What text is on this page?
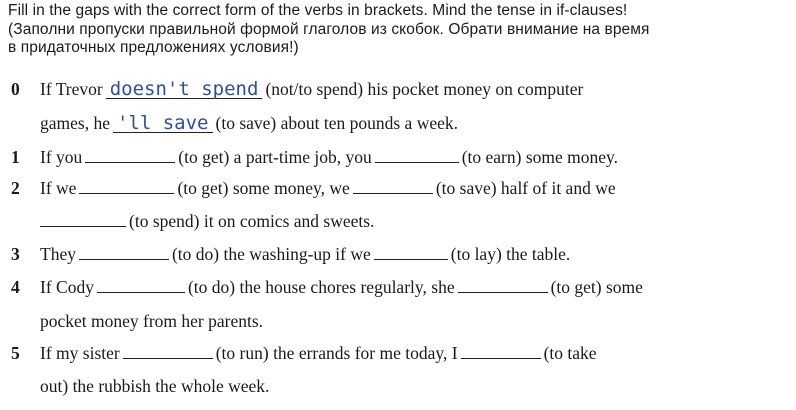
Fill in the gaps with the correct form of the verbs in brackets. Mind the tense in if-clauses!
(Заполни пропуски правильной формой глаголов из скобок. Обрати внимание на время
в придаточных предложениях условия!)
0 If Trevor doesn't spend (not/to spend) his pocket money on computer
games, he 'll save (to save) about ten pounds a week.
1 If you	(to get) a part-time job, you	(to earn) some money.
2 If we	(to get) some money, we	(to save) half of it and we
(to spend) it on comics and sweets.
3 They	(to do) the washing-up if we	(to lay) the table.
4 If Cody	(to do) the house chores regularly, she	(to get) some
pocket money from her parents.
5 If my sister	(to run) the errands for me today, I	(to take
out) the rubbish the whole week.
